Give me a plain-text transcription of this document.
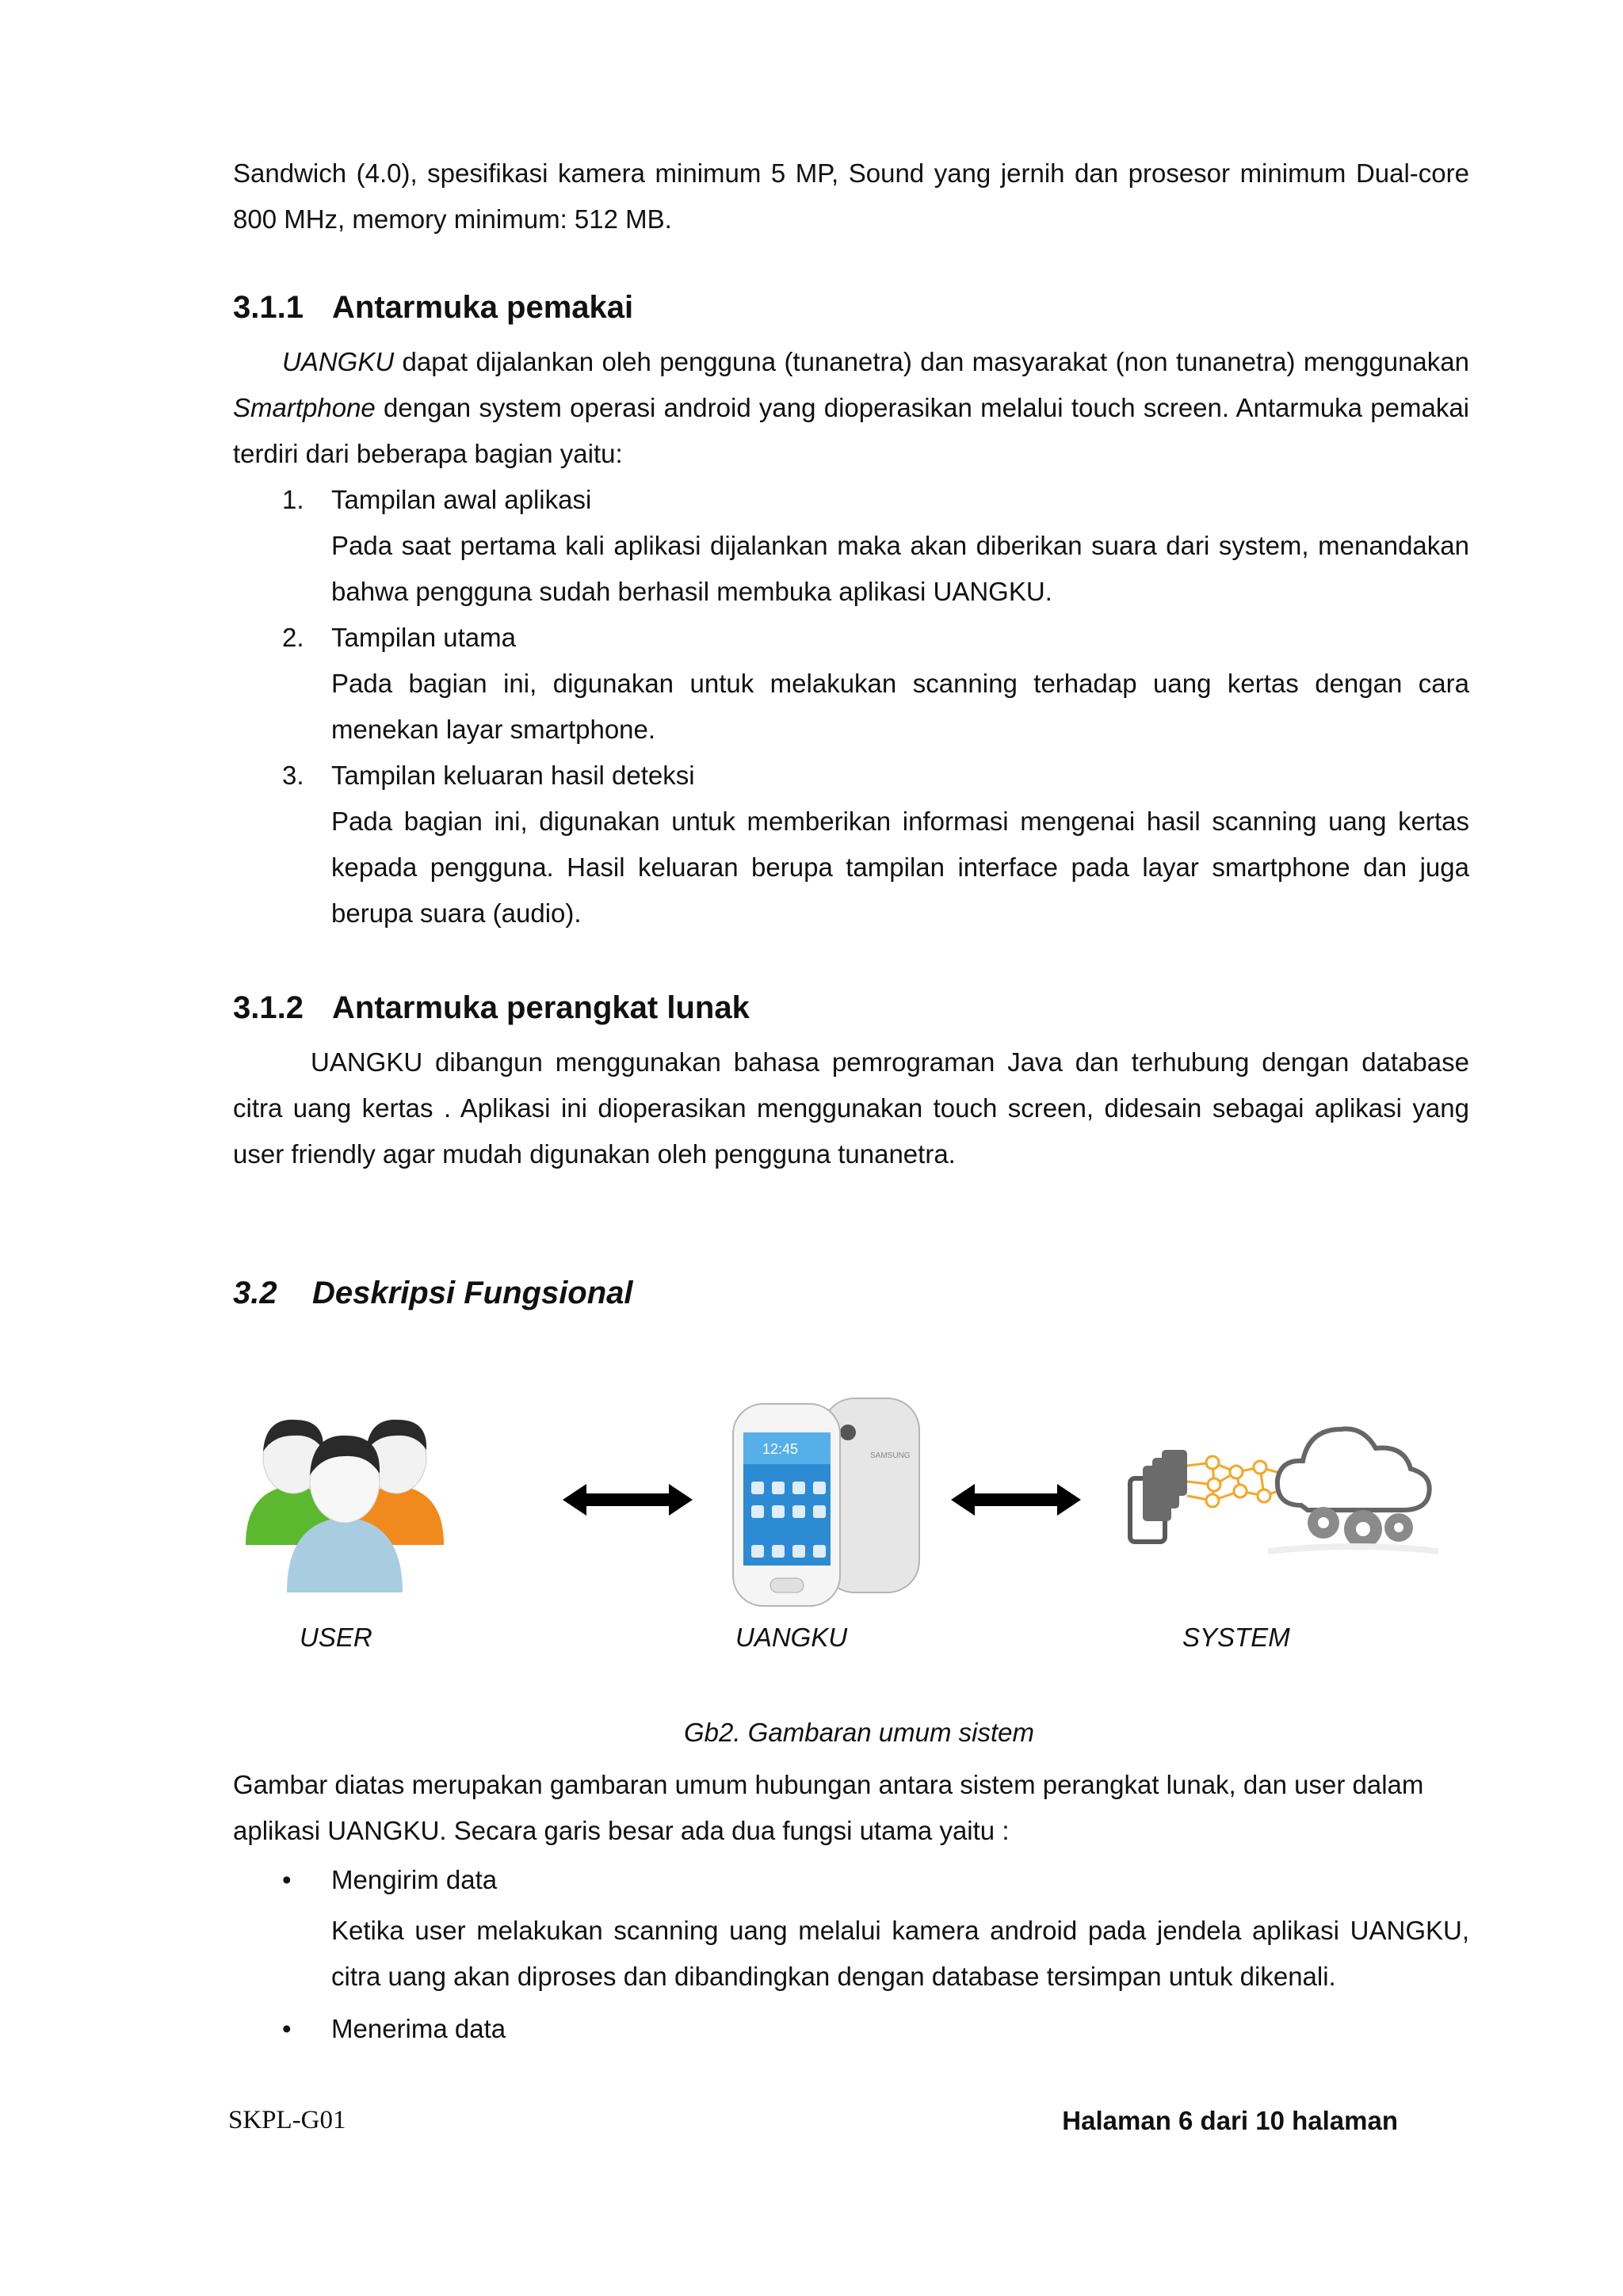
Sandwich (4.0), spesifikasi kamera minimum 5 MP, Sound yang jernih dan prosesor minimum Dual-core 800 MHz, memory minimum: 512 MB.

3.1.1 Antarmuka pemakai

UANGKU dapat dijalankan oleh pengguna (tunanetra) dan masyarakat (non tunanetra) menggunakan Smartphone dengan system operasi android yang dioperasikan melalui touch screen. Antarmuka pemakai terdiri dari beberapa bagian yaitu:

1. Tampilan awal aplikasi
Pada saat pertama kali aplikasi dijalankan maka akan diberikan suara dari system, menandakan bahwa pengguna sudah berhasil membuka aplikasi UANGKU.
2. Tampilan utama
Pada bagian ini, digunakan untuk melakukan scanning terhadap uang kertas dengan cara menekan layar smartphone.
3. Tampilan keluaran hasil deteksi
Pada bagian ini, digunakan untuk memberikan informasi mengenai hasil scanning uang kertas kepada pengguna. Hasil keluaran berupa tampilan interface pada layar smartphone dan juga berupa suara (audio).
3.1.2 Antarmuka perangkat lunak

UANGKU dibangun menggunakan bahasa pemrograman Java dan terhubung dengan database citra uang kertas . Aplikasi ini dioperasikan menggunakan touch screen, didesain sebagai aplikasi yang user friendly agar mudah digunakan oleh pengguna tunanetra.

3.2 Deskripsi Fungsional
SAMSUNG
12:45
USER	UANGKU	SYSTEM
Gb2. Gambaran umum sistem

Gambar diatas merupakan gambaran umum hubungan antara sistem perangkat lunak, dan user dalam aplikasi UANGKU. Secara garis besar ada dua fungsi utama yaitu :

• Mengirim data
Ketika user melakukan scanning uang melalui kamera android pada jendela aplikasi UANGKU, citra uang akan diproses dan dibandingkan dengan database tersimpan untuk dikenali.
• Menerima data
SKPL-G01	Halaman 6 dari 10 halaman
